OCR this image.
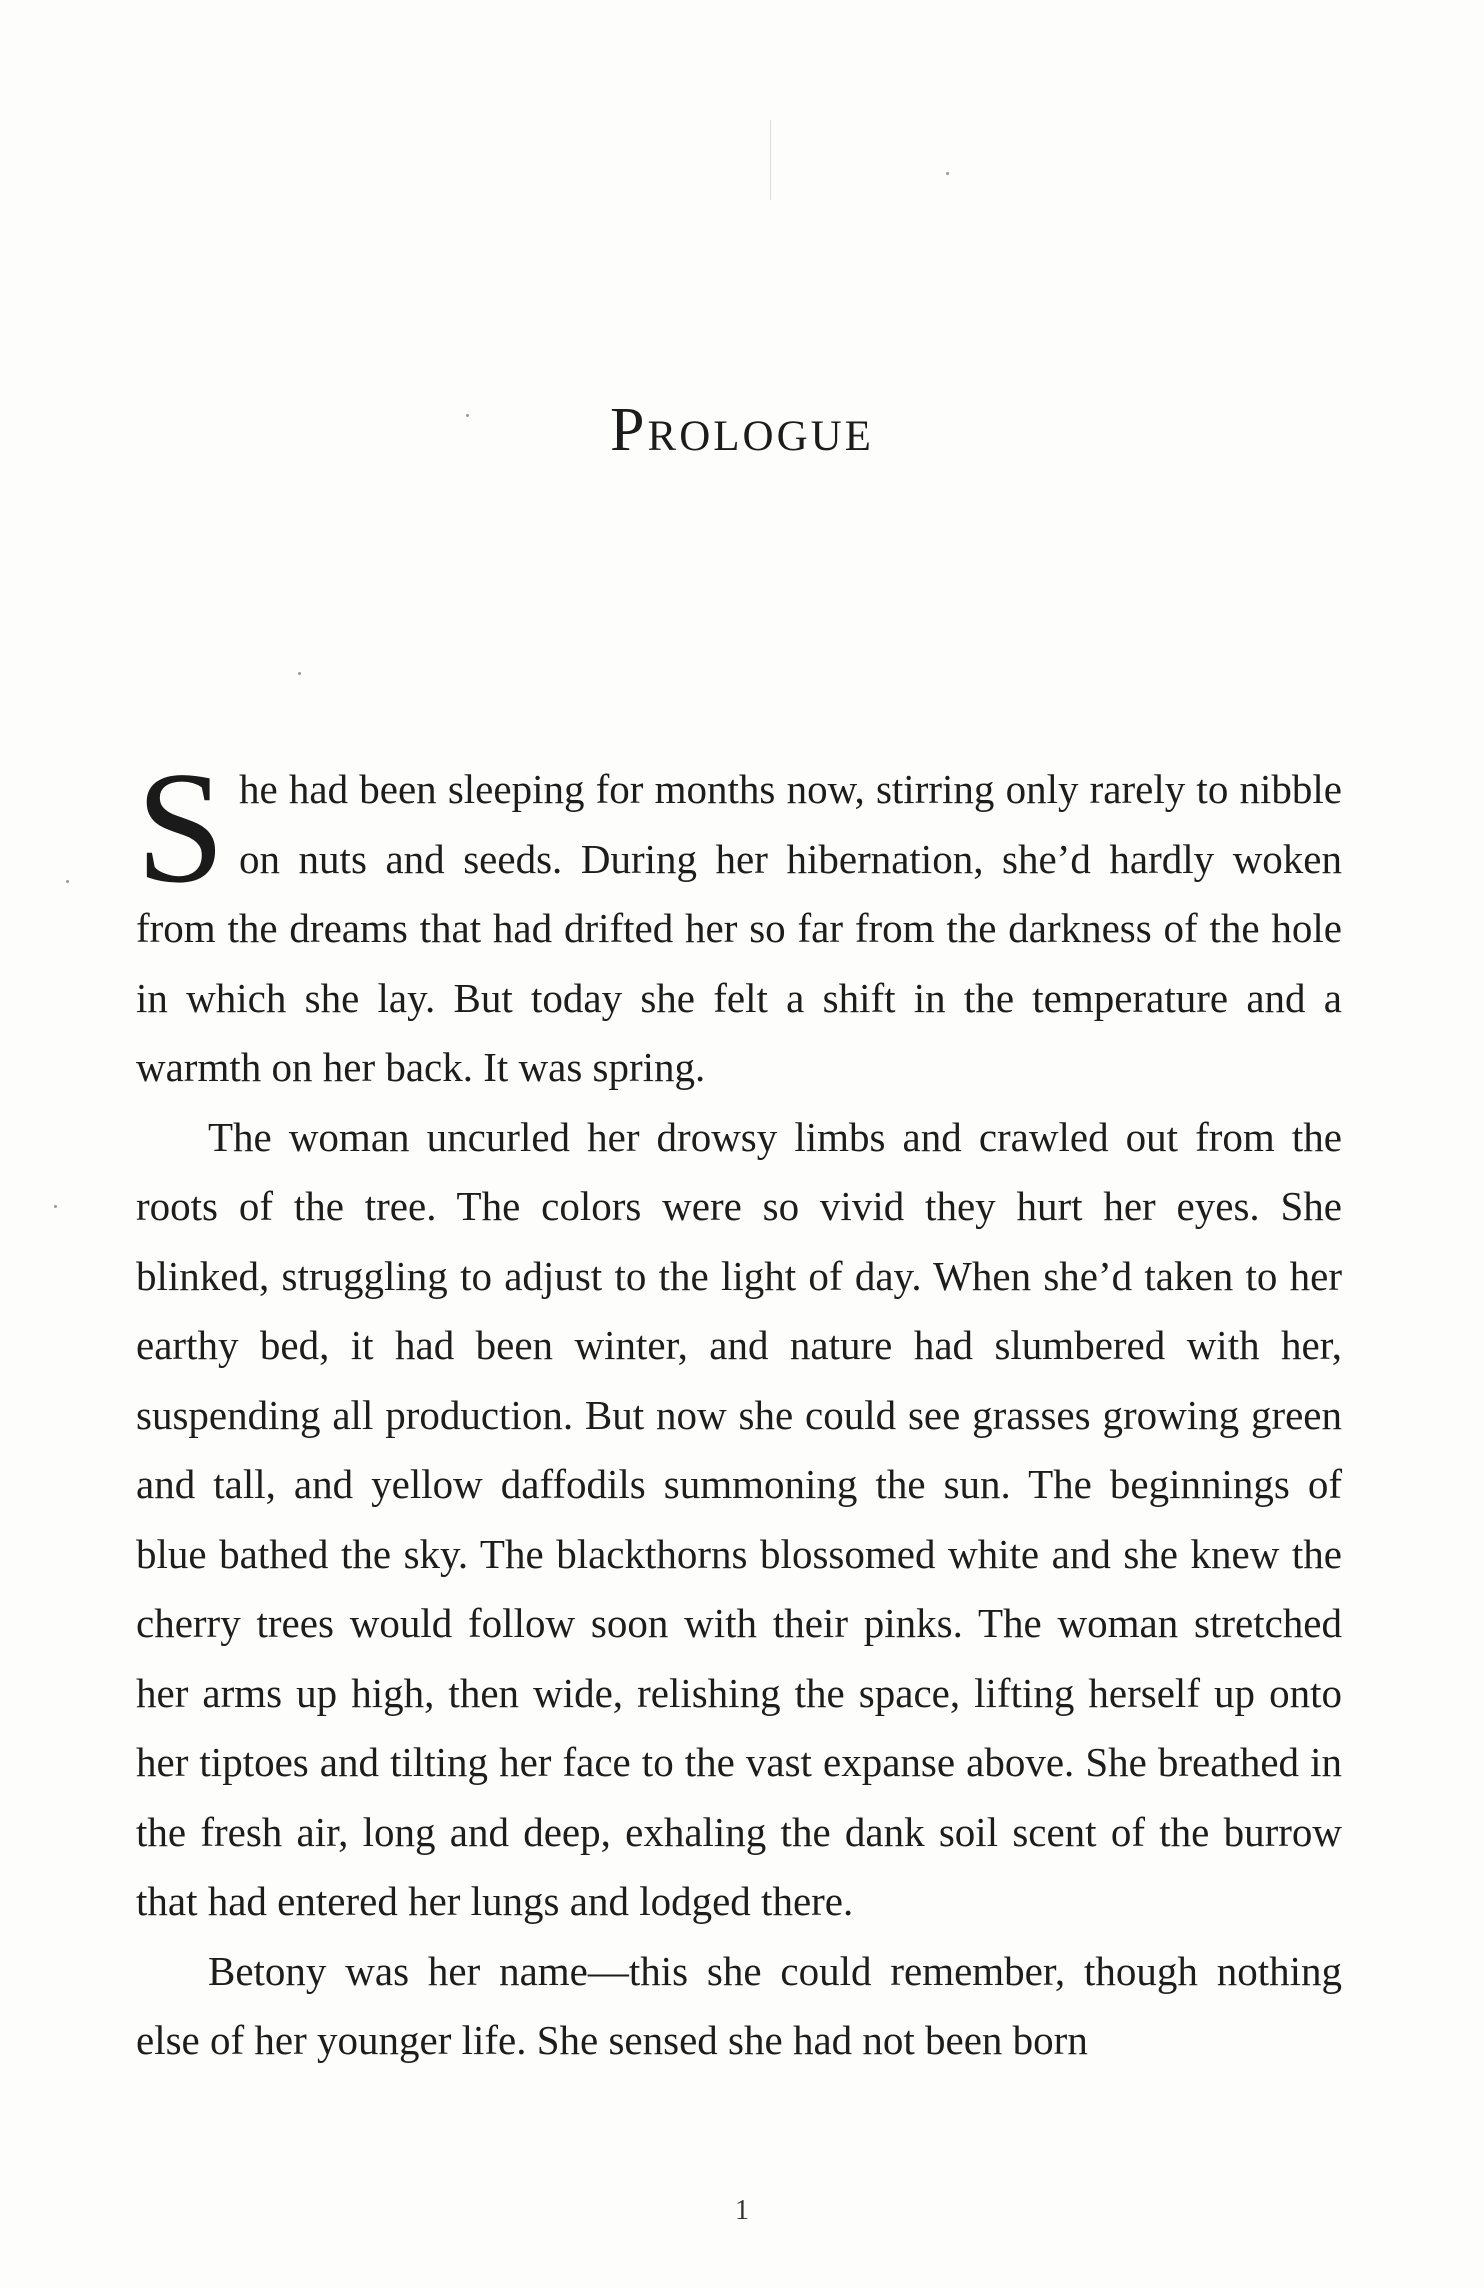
Prologue

She had been sleeping for months now, stirring only rarely to nibble on nuts and seeds. During her hibernation, she’d hardly woken from the dreams that had drifted her so far from the darkness of the hole in which she lay. But today she felt a shift in the temperature and a warmth on her back. It was spring.

The woman uncurled her drowsy limbs and crawled out from the roots of the tree. The colors were so vivid they hurt her eyes. She blinked, struggling to adjust to the light of day. When she’d taken to her earthy bed, it had been winter, and nature had slumbered with her, suspending all production. But now she could see grasses growing green and tall, and yellow daffodils summoning the sun. The beginnings of blue bathed the sky. The blackthorns blossomed white and she knew the cherry trees would follow soon with their pinks. The woman stretched her arms up high, then wide, relishing the space, lifting herself up onto her tiptoes and tilting her face to the vast expanse above. She breathed in the fresh air, long and deep, exhaling the dank soil scent of the burrow that had entered her lungs and lodged there.

Betony was her name—this she could remember, though nothing else of her younger life. She sensed she had not been born

1
